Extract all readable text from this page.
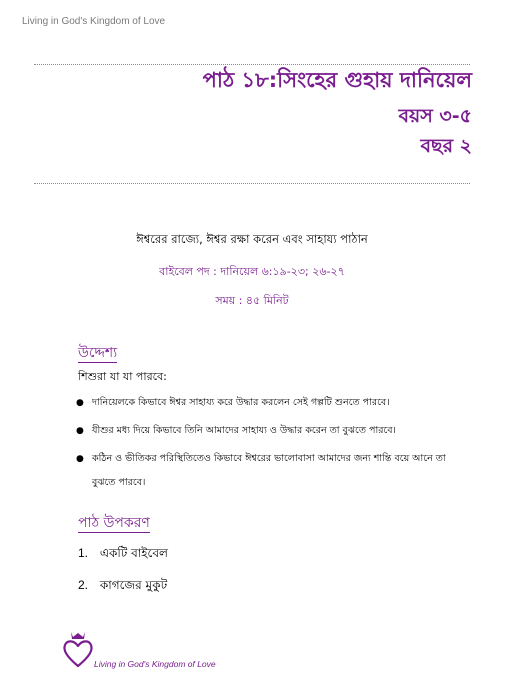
Living in God's Kingdom of Love
পাঠ ১৮:সিংহের গুহায় দানিয়েল
বয়স ৩-৫
বছর ২
ঈশ্বরের রাজ্যে, ঈশ্বর রক্ষা করেন এবং সাহায্য পাঠান
বাইবেল পদ : দানিয়েল ৬:১৯-২৩; ২৬-২৭
সময় : ৪৫ মিনিট
উদ্দেশ্য
শিশুরা যা যা পারবে:
● দানিয়েলকে কিভাবে ঈশ্বর সাহায্য করে উদ্ধার করলেন সেই গল্পটি শুনতে পারবে।
● যীশুর মধ্য দিয়ে কিভাবে তিনি আমাদের সাহায্য ও উদ্ধার করেন তা বুঝতে পারবে।
● কঠিন ও ভীতিকর পরিস্থিতিতেও কিভাবে ঈশ্বরের ভালোবাসা আমাদের জন্য শান্তি বয়ে আনে তা বুঝতে পারবে।
পাঠ উপকরণ
1. একটি বাইবেল
2. কাগজের মুকুট
Living in God's Kingdom of Love
